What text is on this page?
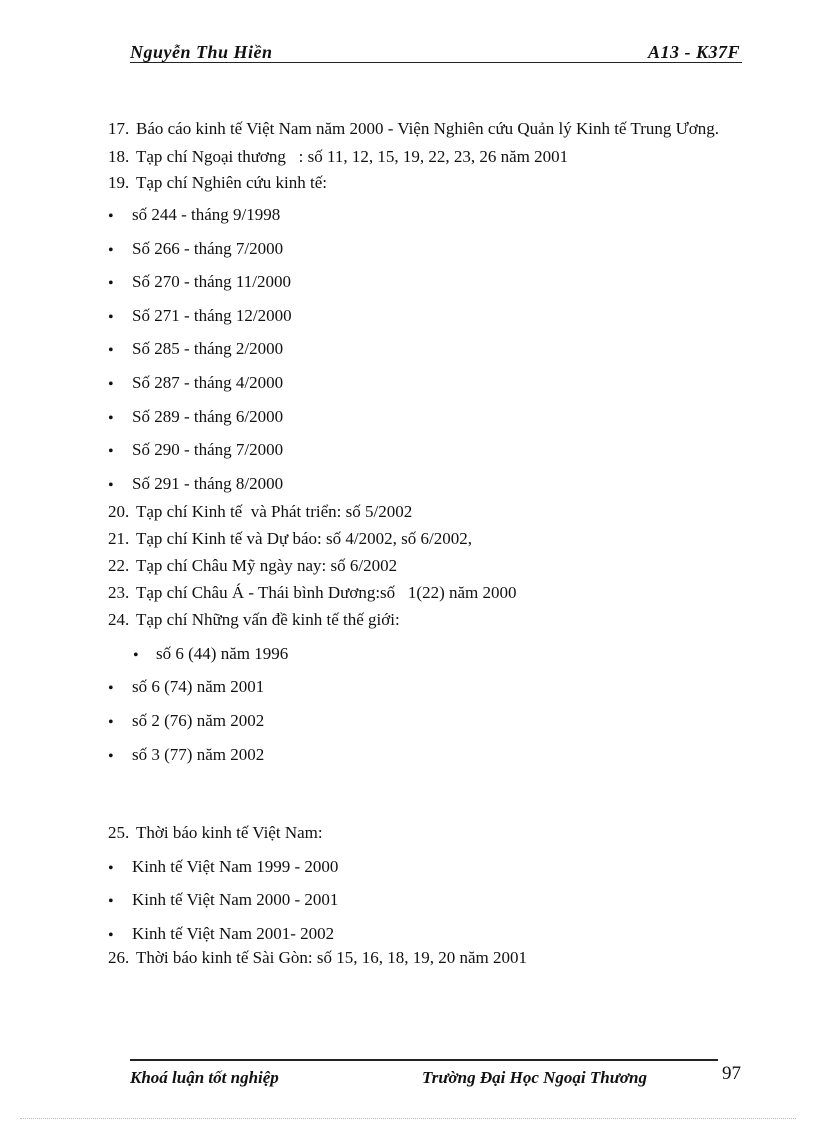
Nguyễn Thu Hiền	A13 - K37F
17. Báo cáo kinh tế Việt Nam năm 2000 - Viện Nghiên cứu Quản lý Kinh tế Trung Ương.
18. Tạp chí Ngoại thương   : số 11, 12, 15, 19, 22, 23, 26 năm 2001
19. Tạp chí Nghiên cứu kinh tế:
• số 244 - tháng 9/1998
• Số 266 - tháng 7/2000
• Số 270 - tháng 11/2000
• Số 271 - tháng 12/2000
• Số 285 - tháng 2/2000
• Số 287 - tháng 4/2000
• Số 289 - tháng 6/2000
• Số 290 - tháng 7/2000
• Số 291 - tháng 8/2000
20. Tạp chí Kinh tế  và Phát triển: số 5/2002
21. Tạp chí Kinh tế và Dự báo: số 4/2002, số 6/2002,
22. Tạp chí Châu Mỹ ngày nay: số 6/2002
23. Tạp chí Châu Á - Thái bình Dương:số   1(22) năm 2000
24. Tạp chí Những vấn đề kinh tế thế giới:
• số 6 (44) năm 1996
• số 6 (74) năm 2001
• số 2 (76) năm 2002
• số 3 (77) năm 2002
25. Thời báo kinh tế Việt Nam:
• Kinh tế Việt Nam 1999 - 2000
• Kinh tế Việt Nam 2000 - 2001
• Kinh tế Việt Nam 2001- 2002
26. Thời báo kinh tế Sài Gòn: số 15, 16, 18, 19, 20 năm 2001
Khoá luận tốt nghiệp	Trường Đại Học Ngoại Thương	97
